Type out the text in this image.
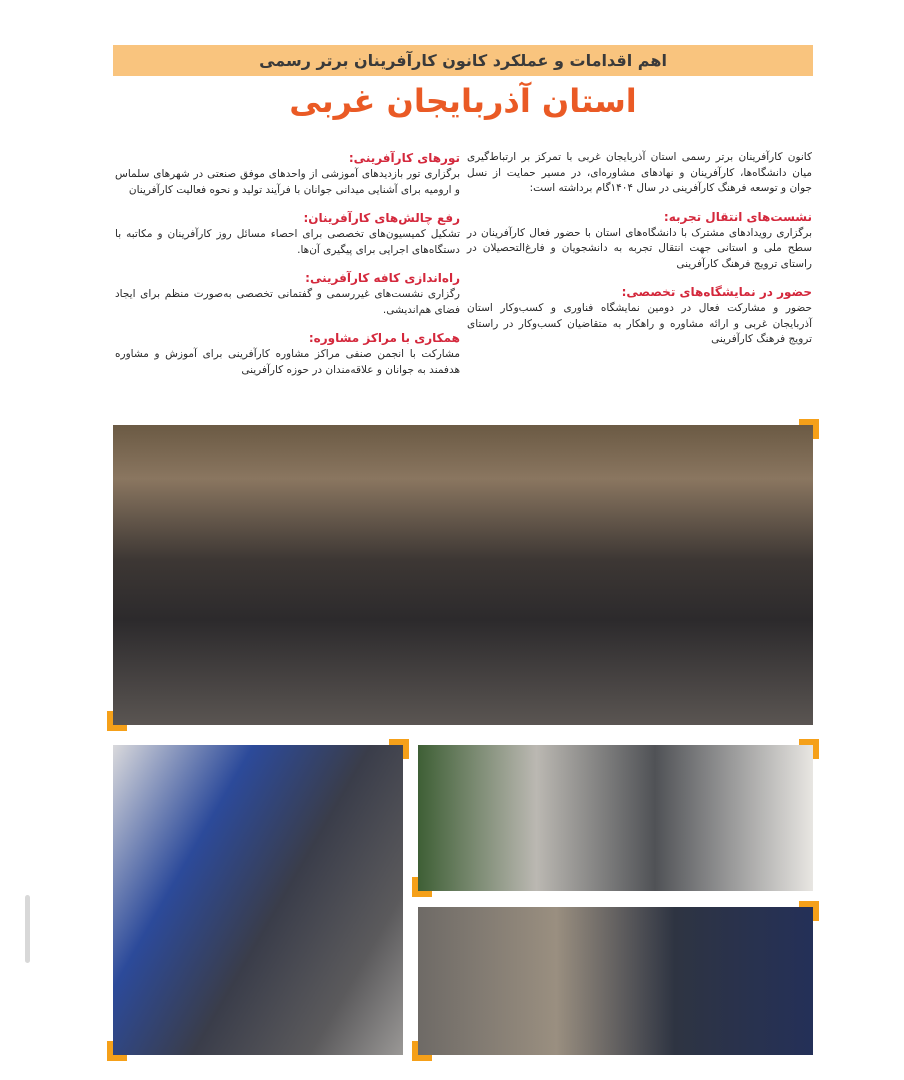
اهم اقدامات و عملکرد کانون کارآفرینان برتر رسمی
استان آذربایجان غربی

کانون کارآفرینان برتر رسمی استان آذربایجان غربی با تمرکز بر ارتباط‌گیری میان دانشگاه‌ها، کارآفرینان و نهادهای مشاوره‌ای، در مسیر حمایت از نسل جوان و توسعه فرهنگ کارآفرینی در سال ۱۴۰۴گام برداشته است:

نشست‌های انتقال تجربه:

برگزاری رویدادهای مشترک با دانشگاه‌های استان با حضور فعال کارآفرینان در سطح ملی و استانی جهت انتقال تجربه به دانشجویان و فارغ‌التحصیلان در راستای ترویج فرهنگ کارآفرینی

حضور در نمایشگاه‌های تخصصی:

حضور و مشارکت فعال در دومین نمایشگاه فناوری و کسب‌وکار استان آذربایجان غربی و ارائه مشاوره و راهکار به متقاضیان کسب‌وکار در راستای ترویج فرهنگ کارآفرینی

تورهای کارآفرینی:

برگزاری تور بازدیدهای آموزشی از واحدهای موفق صنعتی در شهرهای سلماس و ارومیه برای آشنایی میدانی جوانان با فرآیند تولید و نحوه فعالیت کارآفرینان

رفع چالش‌های کارآفرینان:

تشکیل کمیسیون‌های تخصصی برای احصاء مسائل روز کارآفرینان و مکاتبه با دستگاه‌های اجرایی برای پیگیری آن‌ها.

راه‌اندازی کافه کارآفرینی:

رگزاری نشست‌های غیررسمی و گفتمانی تخصصی به‌صورت منظم برای ایجاد فضای هم‌اندیشی.

همکاری با مراکز مشاوره:

مشارکت با انجمن صنفی مراکز مشاوره کارآفرینی برای آموزش و مشاوره هدفمند به جوانان و علاقه‌مندان در حوزه کارآفرینی
